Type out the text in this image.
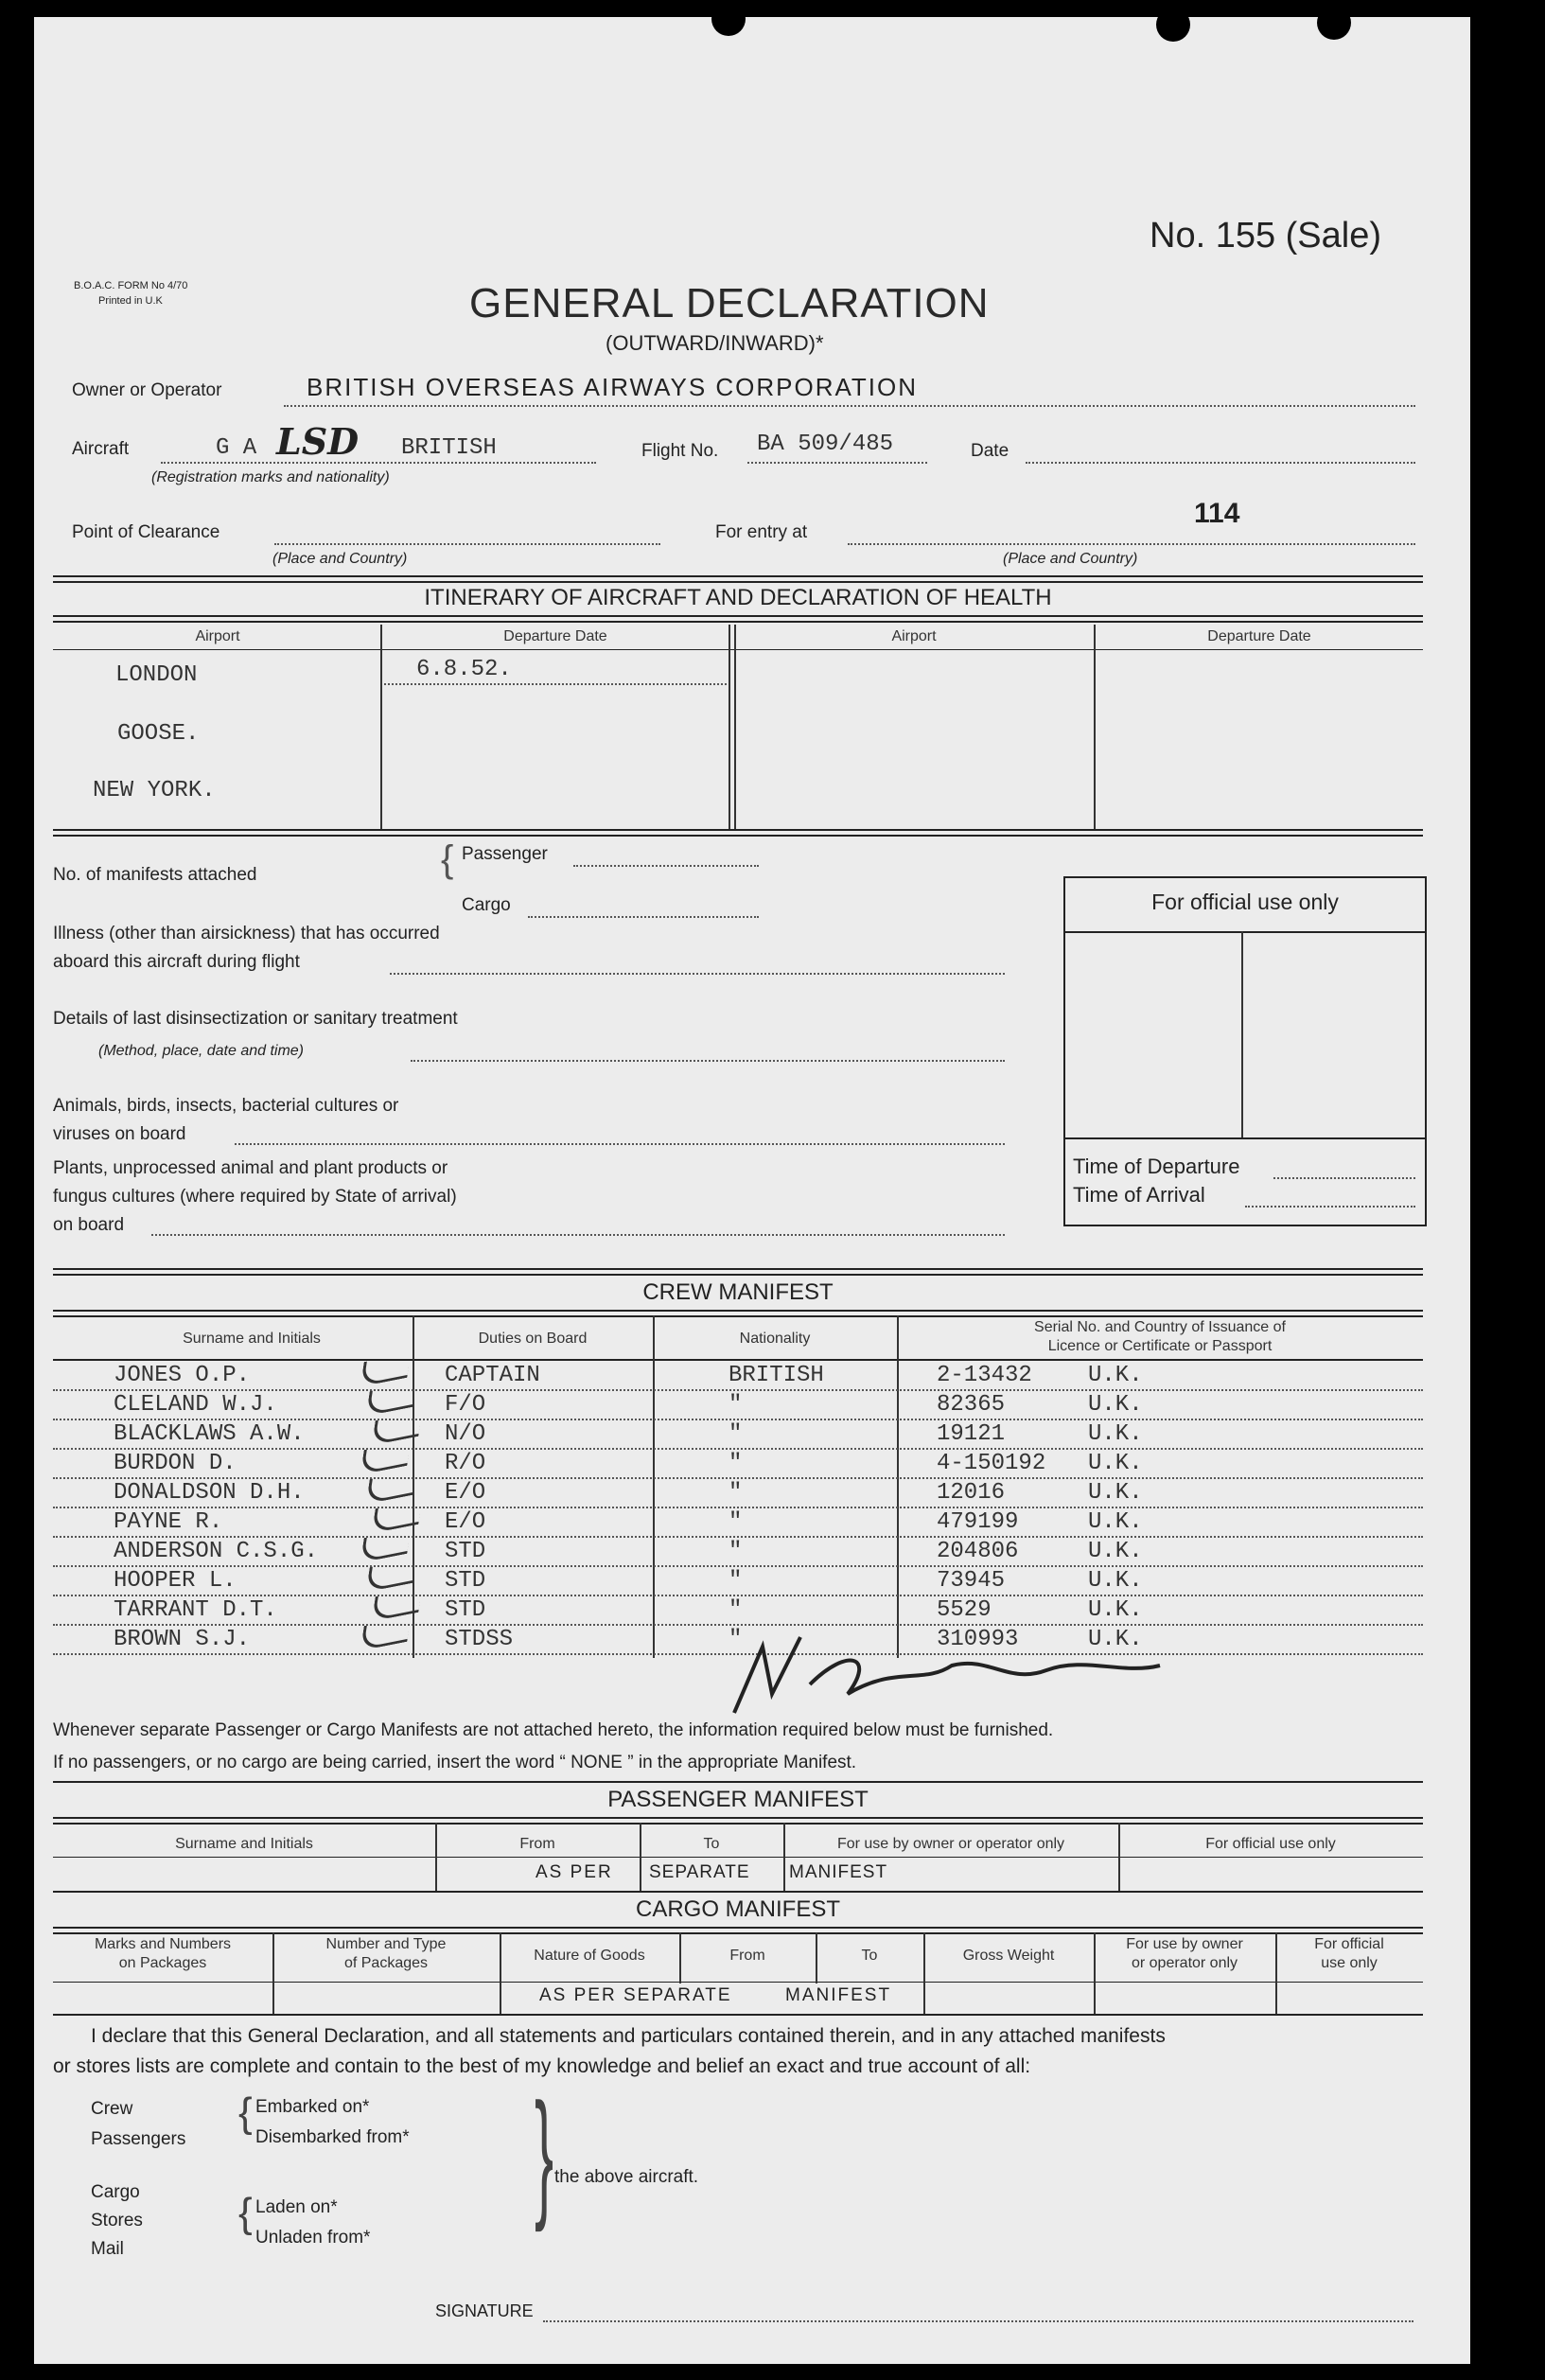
No. 155 (Sale)
B.O.A.C. FORM No 4/70
Printed in U.K	GENERAL DECLARATION
(OUTWARD/INWARD)*
Owner or Operator	BRITISH OVERSEAS AIRWAYS CORPORATION
Aircraft	G A LSD BRITISH
(Registration marks and nationality)
Flight No. BA 509/485	Date
114
Point of Clearance
(Place and Country)
For entry at
(Place and Country)
ITINERARY OF AIRCRAFT AND DECLARATION OF HEALTH
Airport	Departure Date	Airport	Departure Date
LONDON	6.8.52.
GOOSE.
NEW YORK.
No. of manifests attached	{ Passenger
Cargo
Illness (other than airsickness) that has occurred
aboard this aircraft during flight
Details of last disinsectization or sanitary treatment
(Method, place, date and time)
Animals, birds, insects, bacterial cultures or
viruses on board
Plants, unprocessed animal and plant products or
fungus cultures (where required by State of arrival)
on board
For official use only
Time of Departure
Time of Arrival
CREW MANIFEST
Surname and Initials	Duties on Board	Nationality
Serial No. and Country of Issuance of
Licence or Certificate or Passport
JONES O.P.	CAPTAIN	BRITISH	2-13432 U.K.
CLELAND W.J.	F/O	"	82365	U.K.
BLACKLAWS A.W.	N/O	"	19121	U.K.
BURDON D.	R/O	"	4-150192 U.K.
DONALDSON D.H.	E/O	"	12016	U.K.
PAYNE R.	E/O	"	479199	U.K.
ANDERSON C.S.G.	STD	"	204806	U.K.
HOOPER L.	STD	"	73945	U.K.
TARRANT D.T.	STD	"	5529	U.K.
BROWN S.J.	STDSS	"	310993	U.K.
Whenever separate Passenger or Cargo Manifests are not attached hereto, the information required below must be furnished.
If no passengers, or no cargo are being carried, insert the word “ NONE ” in the appropriate Manifest.
PASSENGER MANIFEST
Surname and Initials	From	To	For use by owner or operator only	For official use only
AS PER SEPARATE MANIFEST
CARGO MANIFEST
Marks and Numbers
on Packages
Number and Type
of Packages	Nature of Goods	From	To	Gross Weight
For use by owner
or operator only
For official
use only
AS PER SEPARATE	MANIFEST
I declare that this General Declaration, and all statements and particulars contained therein, and in any attached manifests
or stores lists are complete and contain to the best of my knowledge and belief an exact and true account of all:
Crew
Passengers
{ Embarked on*
Disembarked from* } the above aircraft.
Cargo
Stores
Mail
{ Laden on*
Unladen from*
SIGNATURE
